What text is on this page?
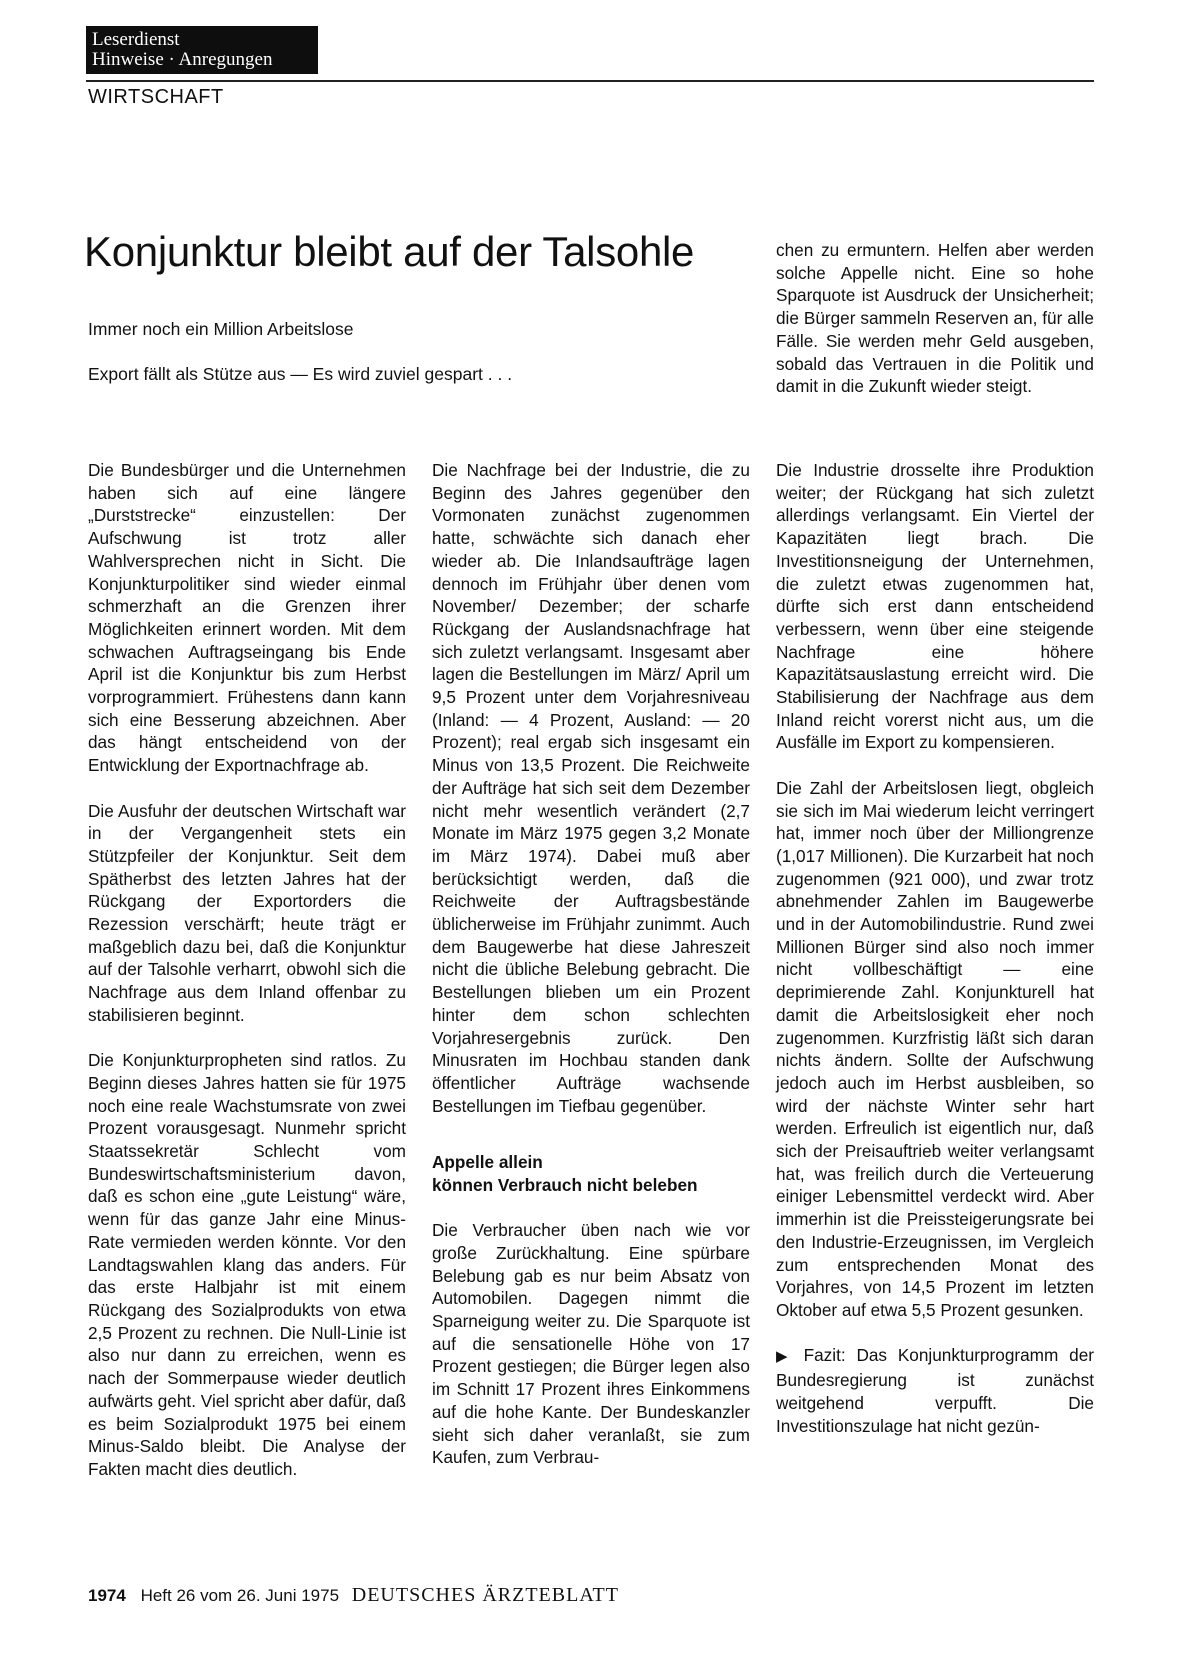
Leserdienst
Hinweise · Anregungen
WIRTSCHAFT
Konjunktur bleibt auf der Talsohle
Immer noch ein Million Arbeitslose
Export fällt als Stütze aus — Es wird zuviel gespart . . .
chen zu ermuntern. Helfen aber werden solche Appelle nicht. Eine so hohe Sparquote ist Ausdruck der Unsicherheit; die Bürger sammeln Reserven an, für alle Fälle. Sie werden mehr Geld ausgeben, sobald das Vertrauen in die Politik und damit in die Zukunft wieder steigt.

Die Bundesbürger und die Unternehmen haben sich auf eine längere „Durststrecke“ einzustellen: Der Aufschwung ist trotz aller Wahlversprechen nicht in Sicht. Die Konjunkturpolitiker sind wieder einmal schmerzhaft an die Grenzen ihrer Möglichkeiten erinnert worden. Mit dem schwachen Auftragseingang bis Ende April ist die Konjunktur bis zum Herbst vorprogrammiert. Frühestens dann kann sich eine Besserung abzeichnen. Aber das hängt entscheidend von der Entwicklung der Exportnachfrage ab.

Die Ausfuhr der deutschen Wirtschaft war in der Vergangenheit stets ein Stützpfeiler der Konjunktur. Seit dem Spätherbst des letzten Jahres hat der Rückgang der Exportorders die Rezession verschärft; heute trägt er maßgeblich dazu bei, daß die Konjunktur auf der Talsohle verharrt, obwohl sich die Nachfrage aus dem Inland offenbar zu stabilisieren beginnt.

Die Konjunkturpropheten sind ratlos. Zu Beginn dieses Jahres hatten sie für 1975 noch eine reale Wachstumsrate von zwei Prozent vorausgesagt. Nunmehr spricht Staatssekretär Schlecht vom Bundeswirtschaftsministerium davon, daß es schon eine „gute Leistung“ wäre, wenn für das ganze Jahr eine Minus-Rate vermieden werden könnte. Vor den Landtagswahlen klang das anders. Für das erste Halbjahr ist mit einem Rückgang des Sozialprodukts von etwa 2,5 Prozent zu rechnen. Die Null-Linie ist also nur dann zu erreichen, wenn es nach der Sommerpause wieder deutlich aufwärts geht. Viel spricht aber dafür, daß es beim Sozialprodukt 1975 bei einem Minus-Saldo bleibt. Die Analyse der Fakten macht dies deutlich.

Die Nachfrage bei der Industrie, die zu Beginn des Jahres gegenüber den Vormonaten zunächst zugenommen hatte, schwächte sich danach eher wieder ab. Die Inlandsaufträge lagen dennoch im Frühjahr über denen vom November/ Dezember; der scharfe Rückgang der Auslandsnachfrage hat sich zuletzt verlangsamt. Insgesamt aber lagen die Bestellungen im März/ April um 9,5 Prozent unter dem Vorjahresniveau (Inland: — 4 Prozent, Ausland: — 20 Prozent); real ergab sich insgesamt ein Minus von 13,5 Prozent. Die Reichweite der Aufträge hat sich seit dem Dezember nicht mehr wesentlich verändert (2,7 Monate im März 1975 gegen 3,2 Monate im März 1974). Dabei muß aber berücksichtigt werden, daß die Reichweite der Auftragsbestände üblicherweise im Frühjahr zunimmt. Auch dem Baugewerbe hat diese Jahreszeit nicht die übliche Belebung gebracht. Die Bestellungen blieben um ein Prozent hinter dem schon schlechten Vorjahresergebnis zurück. Den Minusraten im Hochbau standen dank öffentlicher Aufträge wachsende Bestellungen im Tiefbau gegenüber.

Appelle allein
können Verbrauch nicht beleben

Die Verbraucher üben nach wie vor große Zurückhaltung. Eine spürbare Belebung gab es nur beim Absatz von Automobilen. Dagegen nimmt die Sparneigung weiter zu. Die Sparquote ist auf die sensationelle Höhe von 17 Prozent gestiegen; die Bürger legen also im Schnitt 17 Prozent ihres Einkommens auf die hohe Kante. Der Bundeskanzler sieht sich daher veranlaßt, sie zum Kaufen, zum Verbrau-

Die Industrie drosselte ihre Produktion weiter; der Rückgang hat sich zuletzt allerdings verlangsamt. Ein Viertel der Kapazitäten liegt brach. Die Investitionsneigung der Unternehmen, die zuletzt etwas zugenommen hat, dürfte sich erst dann entscheidend verbessern, wenn über eine steigende Nachfrage eine höhere Kapazitätsauslastung erreicht wird. Die Stabilisierung der Nachfrage aus dem Inland reicht vorerst nicht aus, um die Ausfälle im Export zu kompensieren.

Die Zahl der Arbeitslosen liegt, obgleich sie sich im Mai wiederum leicht verringert hat, immer noch über der Milliongrenze (1,017 Millionen). Die Kurzarbeit hat noch zugenommen (921 000), und zwar trotz abnehmender Zahlen im Baugewerbe und in der Automobilindustrie. Rund zwei Millionen Bürger sind also noch immer nicht vollbeschäftigt — eine deprimierende Zahl. Konjunkturell hat damit die Arbeitslosigkeit eher noch zugenommen. Kurzfristig läßt sich daran nichts ändern. Sollte der Aufschwung jedoch auch im Herbst ausbleiben, so wird der nächste Winter sehr hart werden. Erfreulich ist eigentlich nur, daß sich der Preisauftrieb weiter verlangsamt hat, was freilich durch die Verteuerung einiger Lebensmittel verdeckt wird. Aber immerhin ist die Preissteigerungsrate bei den Industrie-Erzeugnissen, im Vergleich zum entsprechenden Monat des Vorjahres, von 14,5 Prozent im letzten Oktober auf etwa 5,5 Prozent gesunken.

▶ Fazit: Das Konjunkturprogramm der Bundesregierung ist zunächst weitgehend verpufft. Die Investitionszulage hat nicht gezün-

1974 Heft 26 vom 26. Juni 1975 DEUTSCHES ÄRZTEBLATT
